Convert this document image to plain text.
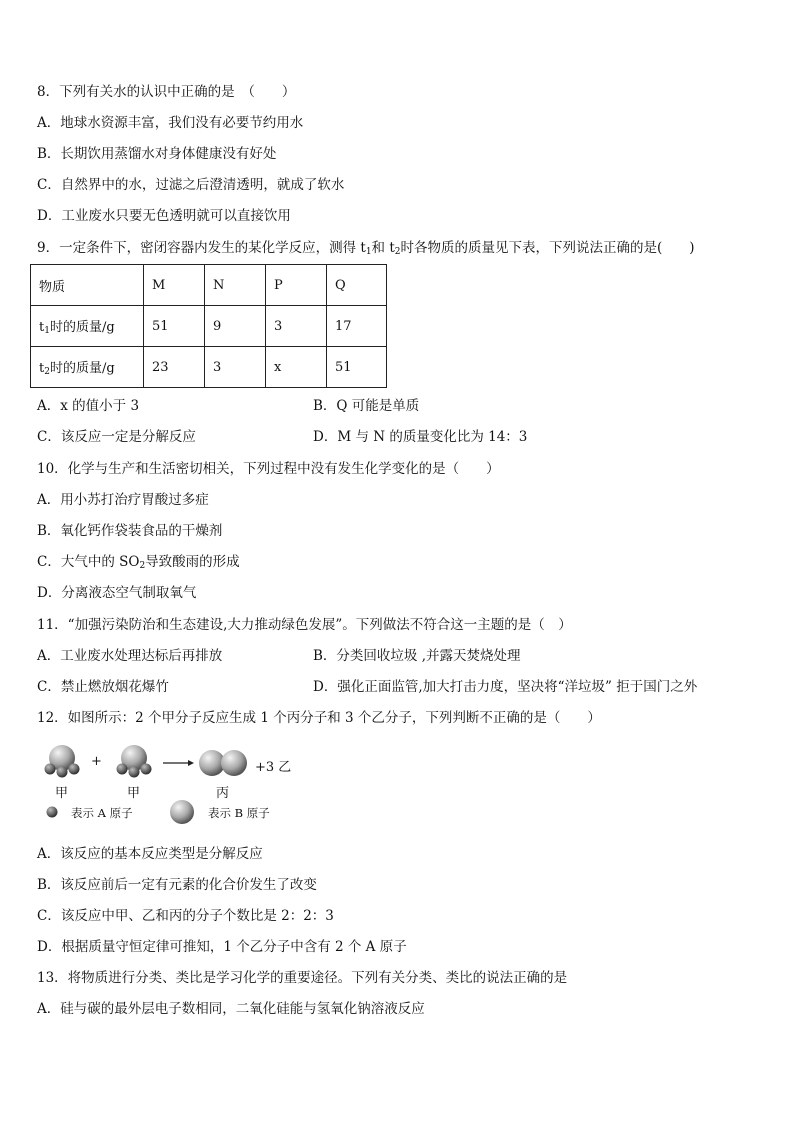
8．下列有关水的认识中正确的是　（　　）
A．地球水资源丰富，我们没有必要节约用水
B．长期饮用蒸馏水对身体健康没有好处
C．自然界中的水，过滤之后澄清透明，就成了软水
D．工业废水只要无色透明就可以直接饮用
9．一定条件下，密闭容器内发生的某化学反应，测得 $t_1$和 $t_2$时各物质的质量见下表，下列说法正确的是(　　)
物质	M	N	P	Q
$t_1$时的质量/g	51	9	3	17
$t_2$时的质量/g	23	3	x	51
A．x 的值小于 3	B．Q 可能是单质
C．该反应一定是分解反应	D．M 与 N 的质量变化比为 14：3
10．化学与生产和生活密切相关，下列过程中没有发生化学变化的是（　　）
A．用小苏打治疗胃酸过多症
B．氧化钙作袋装食品的干燥剂
C．大气中的 $SO_2$导致酸雨的形成
D．分离液态空气制取氧气
11．“加强污染防治和生态建设,大力推动绿色发展”。下列做法不符合这一主题的是（　）
A．工业废水处理达标后再排放	B．分类回收垃圾 ,并露天焚烧处理
C．禁止燃放烟花爆竹	D．强化正面监管,加大打击力度，坚决将“洋垃圾” 拒于国门之外
12．如图所示：2 个甲分子反应生成 1 个丙分子和 3 个乙分子，下列判断不正确的是（　　）
+	+3 乙
甲	甲	丙
表示 A 原子	表示 B 原子
A．该反应的基本反应类型是分解反应
B．该反应前后一定有元素的化合价发生了改变
C．该反应中甲、乙和丙的分子个数比是 2：2：3
D．根据质量守恒定律可推知，1 个乙分子中含有 2 个 A 原子
13．将物质进行分类、类比是学习化学的重要途径。下列有关分类、类比的说法正确的是
A．硅与碳的最外层电子数相同，二氧化硅能与氢氧化钠溶液反应
